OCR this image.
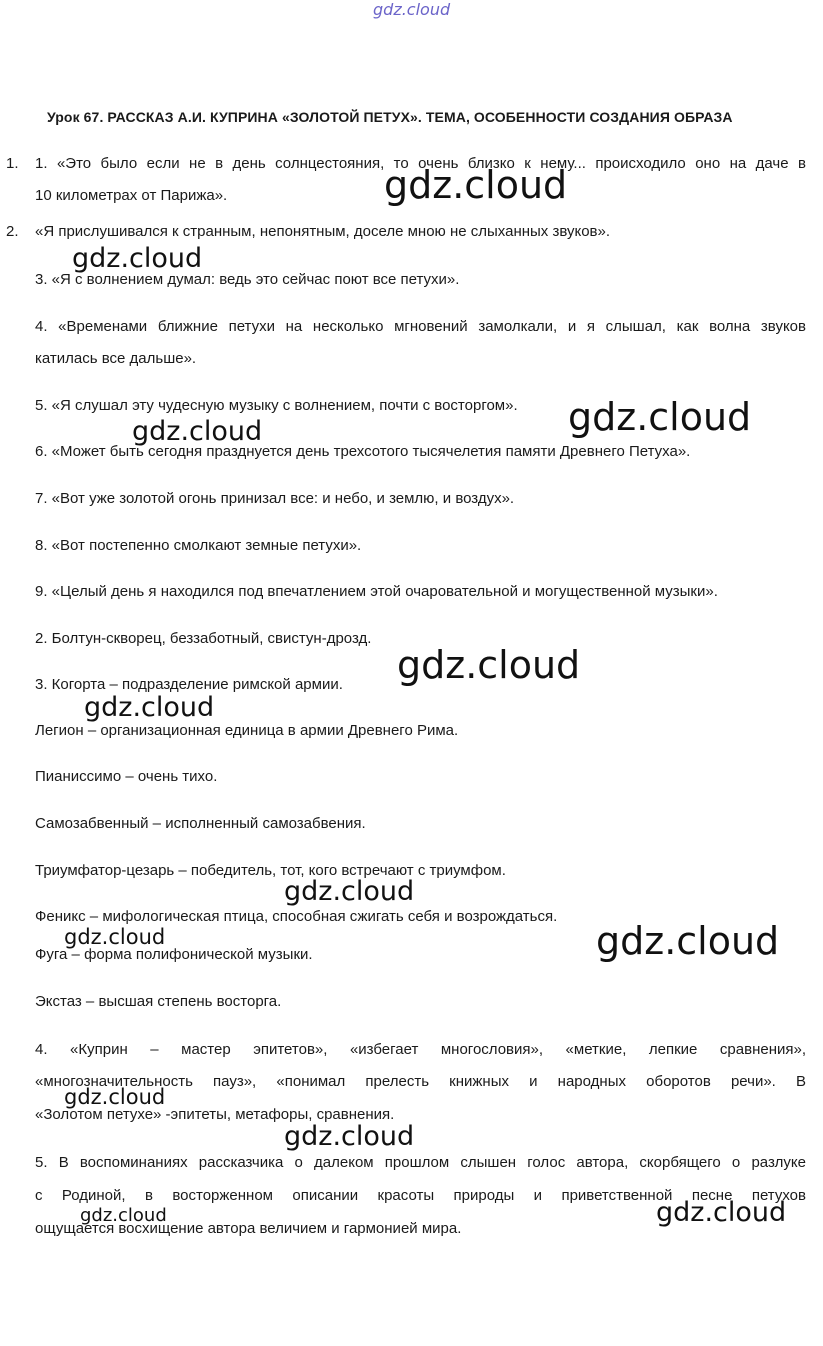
gdz.cloud
gdz.cloud
gdz.cloud
gdz.cloud
gdz.cloud
gdz.cloud
gdz.cloud
gdz.cloud
gdz.cloud
gdz.cloud
gdz.cloud
gdz.cloud
gdz.cloud
gdz.cloud
Урок 67. РАССКАЗ А.И. КУПРИНА «ЗОЛОТОЙ ПЕТУХ». ТЕМА, ОСОБЕННОСТИ СОЗДАНИЯ ОБРАЗА
1.
2.
1. «Это было если не в день солнцестояния, то очень близко к нему... происходило оно на даче в
10 километрах от Парижа».
«Я прислушивался к странным, непонятным, доселе мною не слыханных звуков».
3. «Я с волнением думал: ведь это сейчас поют все петухи».
4. «Временами ближние петухи на несколько мгновений замолкали, и я слышал, как волна звуков
катилась все дальше».
5. «Я слушал эту чудесную музыку с волнением, почти с восторгом».
6. «Может быть сегодня празднуется день трехсотого тысячелетия памяти Древнего Петуха».
7. «Вот уже золотой огонь принизал все: и небо, и землю, и воздух».
8. «Вот постепенно смолкают земные петухи».
9. «Целый день я находился под впечатлением этой очаровательной и могущественной музыки».
2. Болтун-скворец, беззаботный, свистун-дрозд.
3. Когорта – подразделение римской армии.
Легион – организационная единица в армии Древнего Рима.
Пианиссимо – очень тихо.
Самозабвенный – исполненный самозабвения.
Триумфатор-цезарь – победитель, тот, кого встречают с триумфом.
Феникс – мифологическая птица, способная сжигать себя и возрождаться.
Фуга – форма полифонической музыки.
Экстаз – высшая степень восторга.
4. «Куприн – мастер эпитетов», «избегает многословия», «меткие, лепкие сравнения»,
«многозначительность пауз», «понимал прелесть книжных и народных оборотов речи». В
«Золотом петухе» -эпитеты, метафоры, сравнения.
5. В воспоминаниях рассказчика о далеком прошлом слышен голос автора, скорбящего о разлуке
с Родиной, в восторженном описании красоты природы и приветственной песне петухов
ощущается восхищение автора величием и гармонией мира.
